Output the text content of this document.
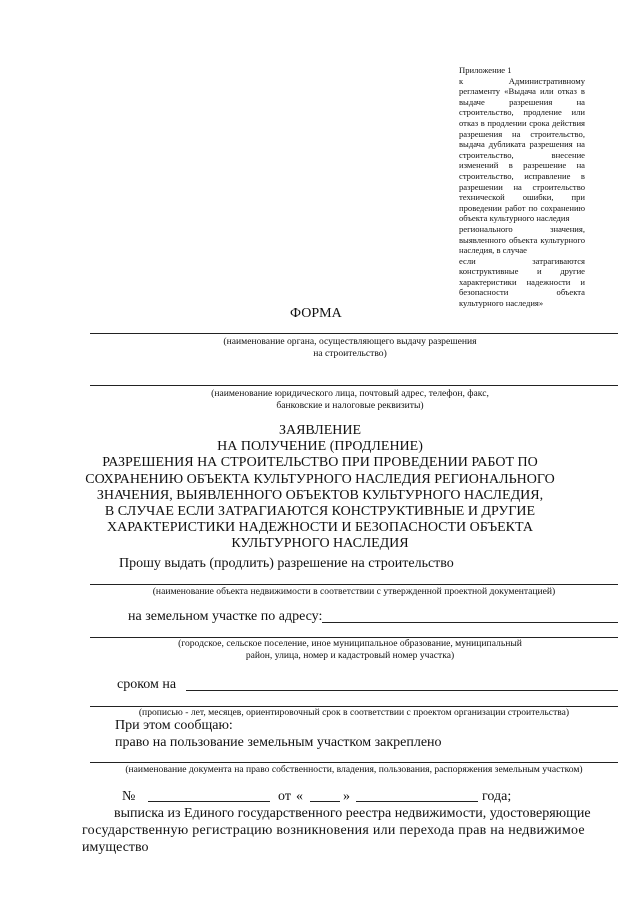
Приложение 1
к Административному
регламенту «Выдача или отказ в
выдаче разрешения на
строительство, продление или
отказ в продлении срока действия
разрешения на строительство,
выдача дубликата разрешения на
строительство, внесение
изменений в разрешение на
строительство, исправление в
разрешении на строительство
технической ошибки, при
проведении работ по сохранению
объекта культурного наследия
регионального значения,
выявленного объекта культурного
наследия, в случае
если затрагиваются
конструктивные и другие
характеристики надежности и
безопасности объекта
культурного наследия»
ФОРМА
(наименование органа, осуществляющего выдачу разрешения
на строительство)
(наименование юридического лица, почтовый адрес, телефон, факс,
банковские и налоговые реквизиты)
ЗАЯВЛЕНИЕ
НА ПОЛУЧЕНИЕ (ПРОДЛЕНИЕ)
РАЗРЕШЕНИЯ НА СТРОИТЕЛЬСТВО ПРИ ПРОВЕДЕНИИ РАБОТ ПО
СОХРАНЕНИЮ ОБЪЕКТА КУЛЬТУРНОГО НАСЛЕДИЯ РЕГИОНАЛЬНОГО
ЗНАЧЕНИЯ, ВЫЯВЛЕННОГО ОБЪЕКТОВ КУЛЬТУРНОГО НАСЛЕДИЯ,
В СЛУЧАЕ ЕСЛИ ЗАТРАГИАЮТСЯ КОНСТРУКТИВНЫЕ И ДРУГИЕ
ХАРАКТЕРИСТИКИ НАДЕЖНОСТИ И БЕЗОПАСНОСТИ ОБЪЕКТА
КУЛЬТУРНОГО НАСЛЕДИЯ
Прошу выдать (продлить) разрешение на строительство
(наименование объекта недвижимости в соответствии с утвержденной проектной документацией)
на земельном участке по адресу:
(городское, сельское поселение, иное муниципальное образование, муниципальный
район, улица, номер и кадастровый номер участка)
сроком на
(прописью - лет, месяцев, ориентировочный срок в соответствии с проектом организации строительства)
При этом сообщаю:
право на пользование земельным участком закреплено
(наименование документа на право собственности, владения, пользования, распоряжения земельным участком)
№	от «	»	года;
выписка из Единого государственного реестра недвижимости, удостоверяющие
государственную регистрацию возникновения или перехода прав на недвижимое
имущество
